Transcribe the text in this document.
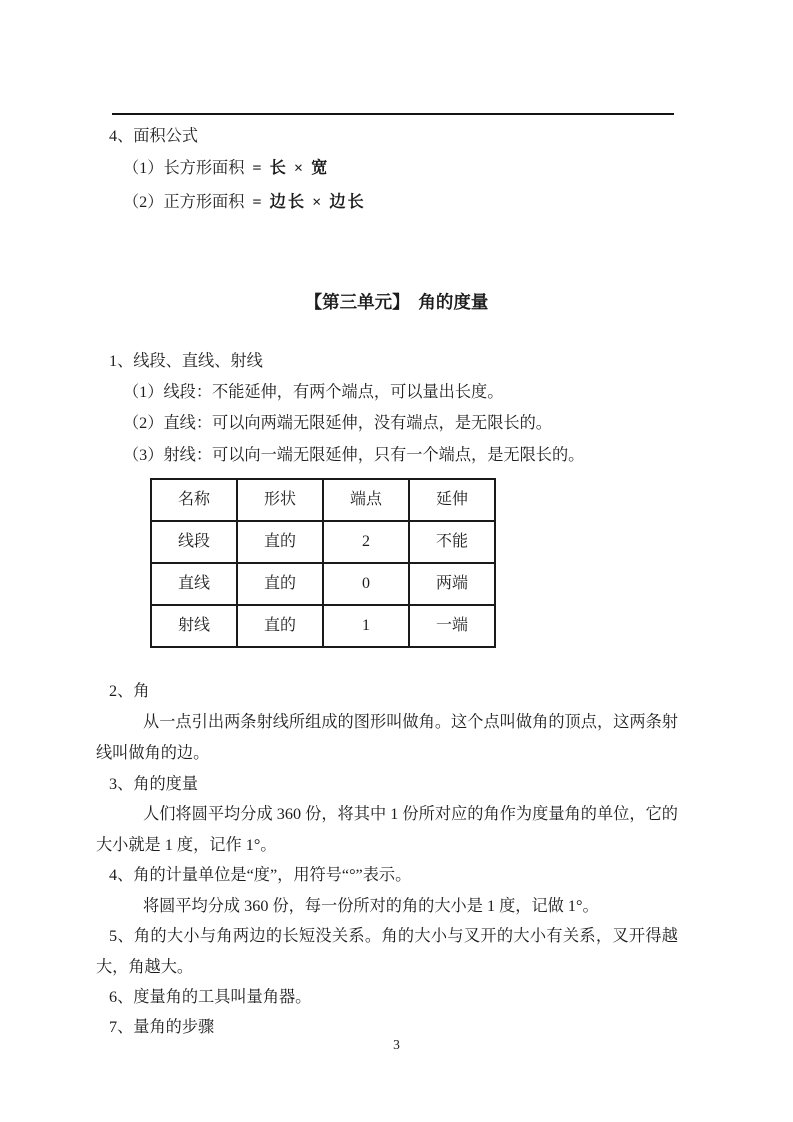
4、面积公式
（1）长方形面积 = 长 × 宽
（2）正方形面积 = 边长 × 边长
【第三单元】　角的度量
1、线段、直线、射线
（1）线段：不能延伸，有两个端点，可以量出长度。
（2）直线：可以向两端无限延伸，没有端点，是无限长的。
（3）射线：可以向一端无限延伸，只有一个端点，是无限长的。
名称	形状	端点	延伸
线段	直的	2	不能
直线	直的	0	两端
射线	直的	1	一端
2、角
从一点引出两条射线所组成的图形叫做角。这个点叫做角的顶点，这两条射线叫做角的边。
3、角的度量
人们将圆平均分成 360 份，将其中 1 份所对应的角作为度量角的单位，它的大小就是 1 度，记作 1°。
4、角的计量单位是“度”，用符号“°”表示。
将圆平均分成 360 份，每一份所对的角的大小是 1 度，记做 1°。
5、角的大小与角两边的长短没关系。角的大小与叉开的大小有关系，叉开得越大，角越大。
6、度量角的工具叫量角器。
7、量角的步骤
3
